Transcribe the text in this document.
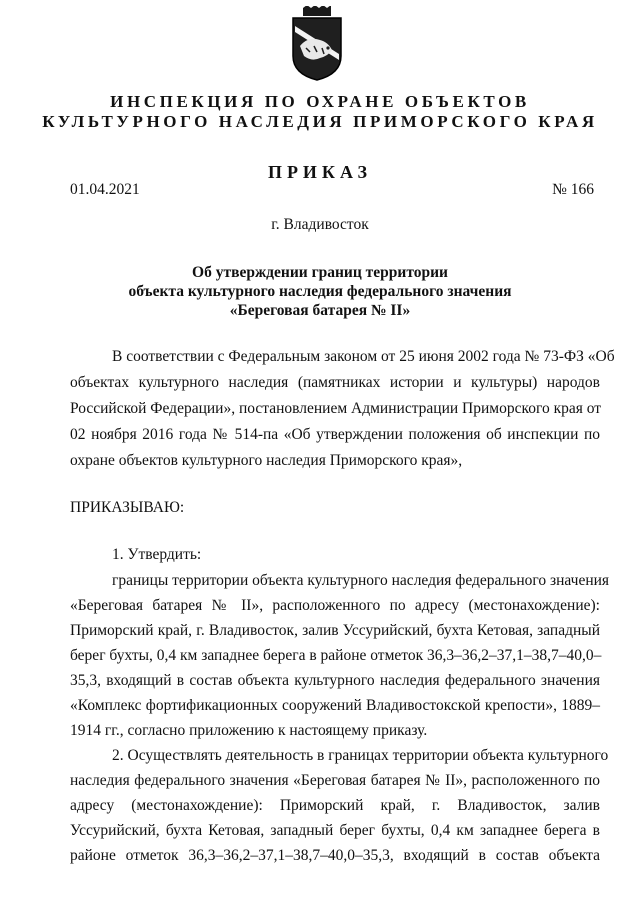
ИНСПЕКЦИЯ ПО ОХРАНЕ ОБЪЕКТОВ
КУЛЬТУРНОГО НАСЛЕДИЯ ПРИМОРСКОГО КРАЯ
ПРИКАЗ
01.04.2021	№ 166
г. Владивосток
Об утверждении границ территории
объекта культурного наследия федерального значения
«Береговая батарея № II»
В соответствии с Федеральным законом от 25 июня 2002 года № 73-ФЗ «Об
объектах культурного наследия (памятниках истории и культуры) народов
Российской Федерации», постановлением Администрации Приморского края от
02 ноября 2016 года № 514-па «Об утверждении положения об инспекции по
охране объектов культурного наследия Приморского края»,
ПРИКАЗЫВАЮ:
1. Утвердить:
границы территории объекта культурного наследия федерального значения
«Береговая батарея № II», расположенного по адресу (местонахождение):
Приморский край, г. Владивосток, залив Уссурийский, бухта Кетовая, западный
берег бухты, 0,4 км западнее берега в районе отметок 36,3–36,2–37,1–38,7–40,0–
35,3, входящий в состав объекта культурного наследия федерального значения
«Комплекс фортификационных сооружений Владивостокской крепости», 1889–
1914 гг., согласно приложению к настоящему приказу.
2. Осуществлять деятельность в границах территории объекта культурного
наследия федерального значения «Береговая батарея № II», расположенного по
адресу (местонахождение): Приморский край, г. Владивосток, залив
Уссурийский, бухта Кетовая, западный берег бухты, 0,4 км западнее берега в
районе отметок 36,3–36,2–37,1–38,7–40,0–35,3, входящий в состав объекта
